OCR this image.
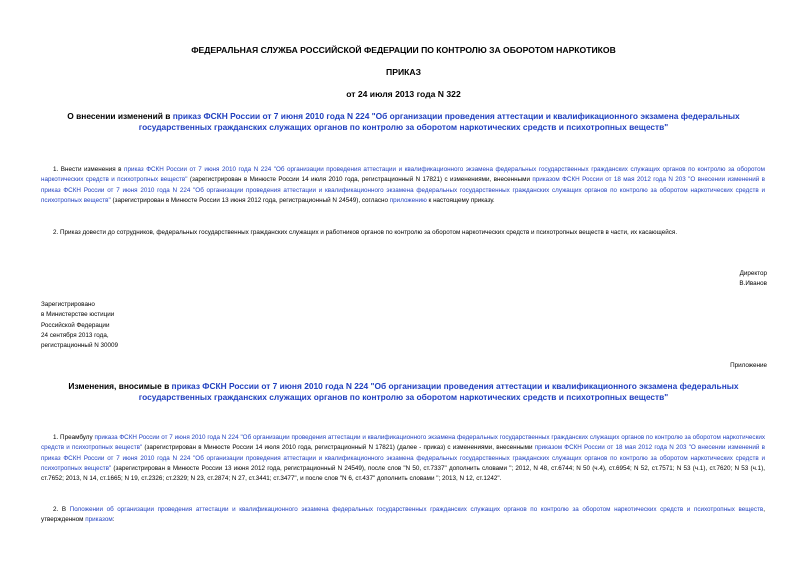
ФЕДЕРАЛЬНАЯ СЛУЖБА РОССИЙСКОЙ ФЕДЕРАЦИИ ПО КОНТРОЛЮ ЗА ОБОРОТОМ НАРКОТИКОВ
ПРИКАЗ
от 24 июля 2013 года N 322
О внесении изменений в приказ ФСКН России от 7 июня 2010 года N 224 "Об организации проведения аттестации и квалификационного экзамена федеральных государственных гражданских служащих органов по контролю за оборотом наркотических средств и психотропных веществ"
1. Внести изменения в приказ ФСКН России от 7 июня 2010 года N 224 "Об организации проведения аттестации и квалификационного экзамена федеральных государственных гражданских служащих органов по контролю за оборотом наркотических средств и психотропных веществ" (зарегистрирован в Минюсте России 14 июля 2010 года, регистрационный N 17821) с изменениями, внесенными приказом ФСКН России от 18 мая 2012 года N 203 "О внесении изменений в приказ ФСКН России от 7 июня 2010 года N 224 "Об организации проведения аттестации и квалификационного экзамена федеральных государственных гражданских служащих органов по контролю за оборотом наркотических средств и психотропных веществ" (зарегистрирован в Минюсте России 13 июня 2012 года, регистрационный N 24549), согласно приложению к настоящему приказу.
2. Приказ довести до сотрудников, федеральных государственных гражданских служащих и работников органов по контролю за оборотом наркотических средств и психотропных веществ в части, их касающейся.
Директор
В.Иванов
Зарегистрировано
в Министерстве юстиции
Российской Федерации
24 сентября 2013 года,
регистрационный N 30009
Приложение
Изменения, вносимые в приказ ФСКН России от 7 июня 2010 года N 224 "Об организации проведения аттестации и квалификационного экзамена федеральных государственных гражданских служащих органов по контролю за оборотом наркотических средств и психотропных веществ"
1. Преамбулу приказа ФСКН России от 7 июня 2010 года N 224 "Об организации проведения аттестации и квалификационного экзамена федеральных государственных гражданских служащих органов по контролю за оборотом наркотических средств и психотропных веществ" (зарегистрирован в Минюсте России 14 июля 2010 года, регистрационный N 17821) (далее - приказ) с изменениями, внесенными приказом ФСКН России от 18 мая 2012 года N 203 "О внесении изменений в приказ ФСКН России от 7 июня 2010 года N 224 "Об организации проведения аттестации и квалификационного экзамена федеральных государственных гражданских служащих органов по контролю за оборотом наркотических средств и психотропных веществ" (зарегистрирован в Минюсте России 13 июня 2012 года, регистрационный N 24549), после слов "N 50, ст.7337" дополнить словами "; 2012, N 48, ст.6744; N 50 (ч.4), ст.6954; N 52, ст.7571; N 53 (ч.1), ст.7620; N 53 (ч.1), ст.7652; 2013, N 14, ст.1665; N 19, ст.2326; ст.2329; N 23, ст.2874; N 27, ст.3441; ст.3477", и после слов "N 6, ст.437" дополнить словами "; 2013, N 12, ст.1242".
2. В Положении об организации проведения аттестации и квалификационного экзамена федеральных государственных гражданских служащих органов по контролю за оборотом наркотических средств и психотропных веществ, утвержденном приказом:
